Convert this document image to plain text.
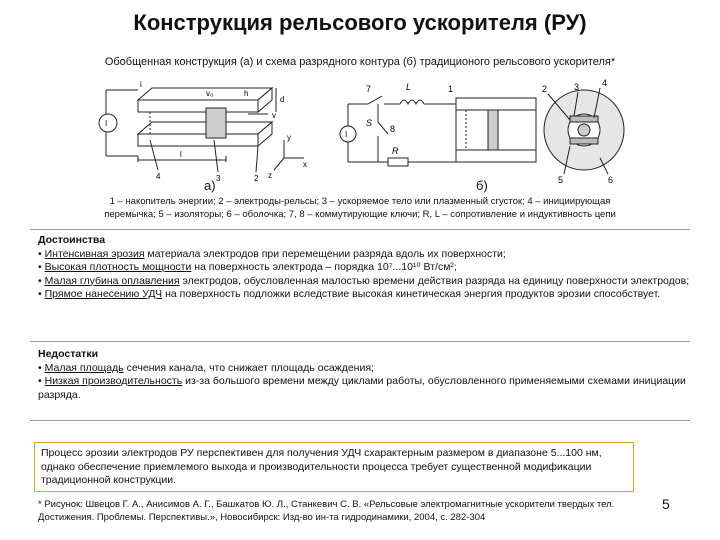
Конструкция рельсового ускорителя (РУ)
Обобщенная конструкция (а) и схема разрядного контура (б) традиционого рельсового ускорителя*
i
v₀	h
d
v
I
l
y
x
z
4	3	2
а)
7	L
I
S
8
R
1	2	3	4
5	6
б)
1 – накопитель энергии; 2 – электроды-рельсы; 3 – ускоряемое тело или плазменный сгусток; 4 – инициирующая перемычка; 5 – изоляторы; 6 – оболочка; 7, 8 – коммутирующие ключи; R, L – сопротивление и индуктивность цепи
Достоинства
• Интенсивная эрозия материала электродов при перемещении разряда вдоль их поверхности;
• Высокая плотность мощности на поверхность электрода – порядка 10⁷...10¹⁰ Вт/см²;
• Малая глубина оплавления электродов, обусловленная малостью времени действия разряда на единицу поверхности электродов;
• Прямое нанесению УДЧ на поверхность подложки вследствие высокая кинетическая энергия продуктов эрозии способствует.
Недостатки
• Малая площадь сечения канала, что снижает площадь осаждения;
• Низкая производительность из-за большого времени между циклами работы, обусловленного применяемыми схемами инициации разряда.
Процесс эрозии электродов РУ перспективен для получения УДЧ схарактерным размером в диапазоне 5...100 нм, однако обеспечение приемлемого выхода и производительности процесса требует существенной модификации традиционной конструкции.
* Рисунок: Швецов Г. А., Анисимов А. Г., Башкатов Ю. Л., Станкевич С. В. «Рельсовые электромагнитные ускорители твердых тел. Достижения. Проблемы. Перспективы.», Новосибирск: Изд-во ин-та гидродинамики, 2004, с. 282-304
5
